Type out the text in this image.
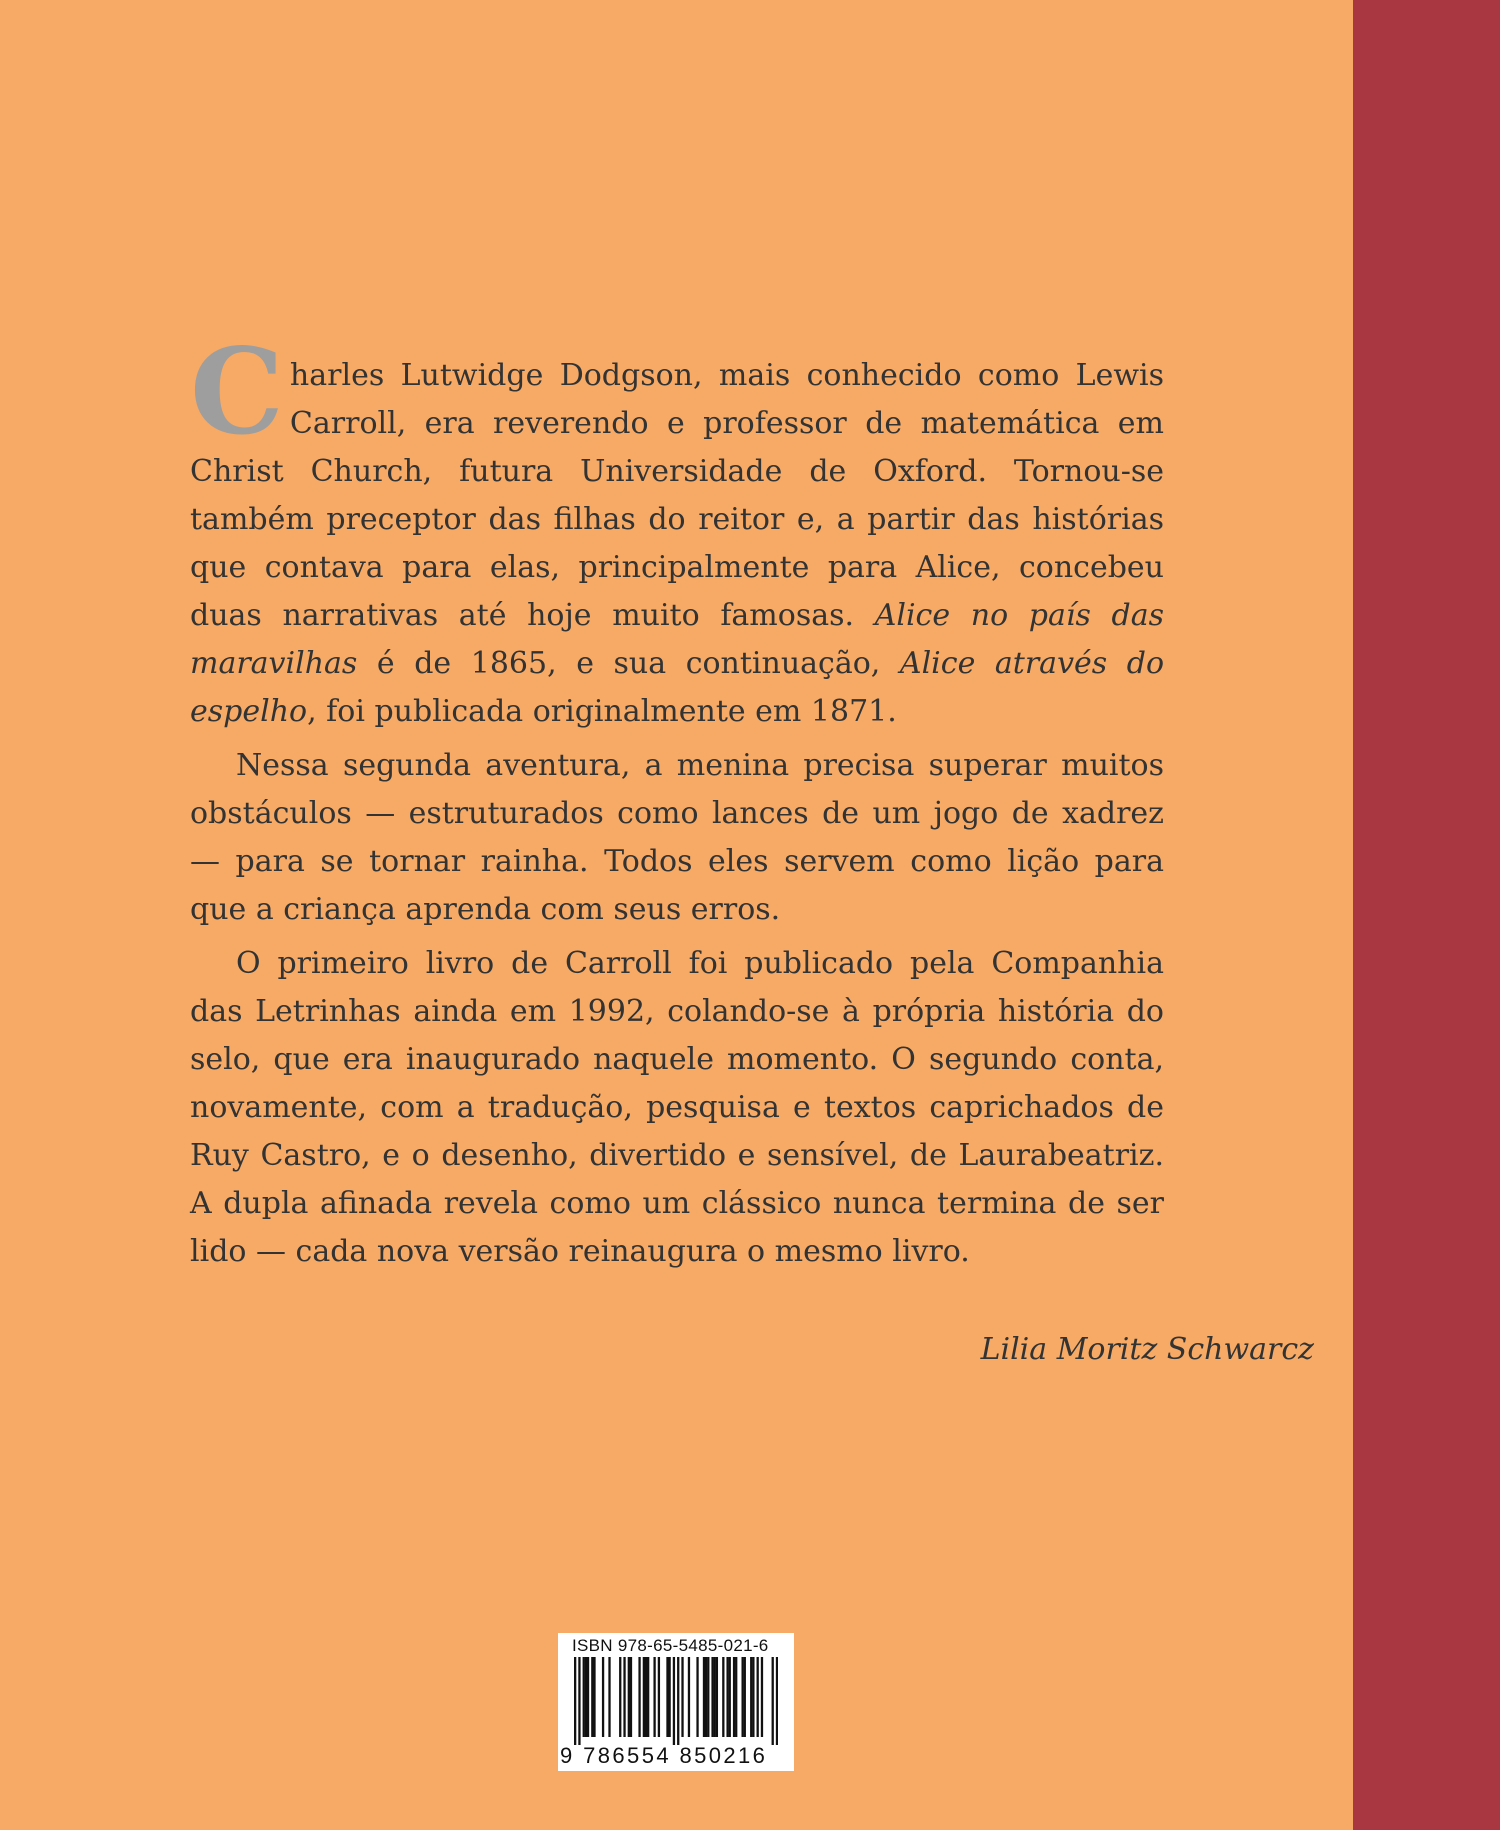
Charles Lutwidge Dodgson, mais conhecido como Lewis Carroll, era reverendo e professor de matemática em Christ Church, futura Universidade de Oxford. Tornou-se também preceptor das filhas do reitor e, a partir das histórias que contava para elas, principalmente para Alice, concebeu duas narrativas até hoje muito famosas. Alice no país das maravilhas é de 1865, e sua continuação, Alice através do espelho, foi publicada originalmente em 1871.

Nessa segunda aventura, a menina precisa superar muitos obstáculos — estruturados como lances de um jogo de xadrez — para se tornar rainha. Todos eles servem como lição para que a criança aprenda com seus erros.

O primeiro livro de Carroll foi publicado pela Companhia das Letrinhas ainda em 1992, colando-se à própria história do selo, que era inaugurado naquele momento. O segundo conta, novamente, com a tradução, pesquisa e textos caprichados de Ruy Castro, e o desenho, divertido e sensível, de Laurabeatriz. A dupla afinada revela como um clássico nunca termina de ser lido — cada nova versão reinaugura o mesmo livro.

Lilia Moritz Schwarcz
ISBN 978-65-5485-021-6
9 786554 850216
